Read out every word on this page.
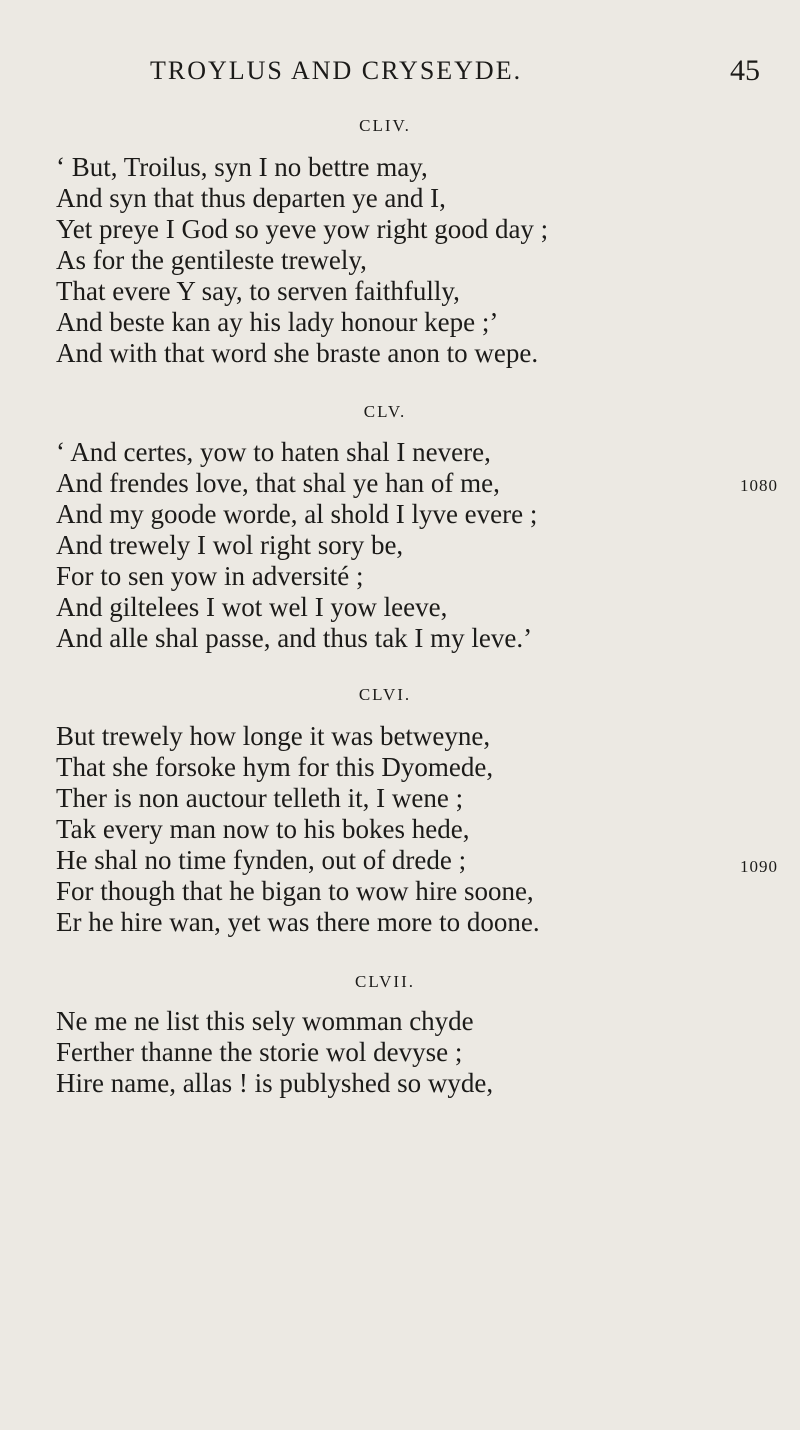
TROYLUS AND CRYSEYDE.	45
CLIV.
‘ But, Troilus, syn I no bettre may,
And syn that thus departen ye and I,
Yet preye I God so yeve yow right good day ;
As for the gentileste trewely,
That evere Y say, to serven faithfully,
And beste kan ay his lady honour kepe ;’
And with that word she braste anon to wepe.
CLV.
‘ And certes, yow to haten shal I nevere,
And frendes love, that shal ye han of me,	1080
And my goode worde, al shold I lyve evere ;
And trewely I wol right sory be,
For to sen yow in adversité ;
And giltelees I wot wel I yow leeve,
And alle shal passe, and thus tak I my leve.’
CLVI.
But trewely how longe it was betweyne,
That she forsoke hym for this Dyomede,
Ther is non auctour telleth it, I wene ;
Tak every man now to his bokes hede,
He shal no time fynden, out of drede ;	1090
For though that he bigan to wow hire soone,
Er he hire wan, yet was there more to doone.
CLVII.
Ne me ne list this sely womman chyde
Ferther thanne the storie wol devyse ;
Hire name, allas ! is publyshed so wyde,
